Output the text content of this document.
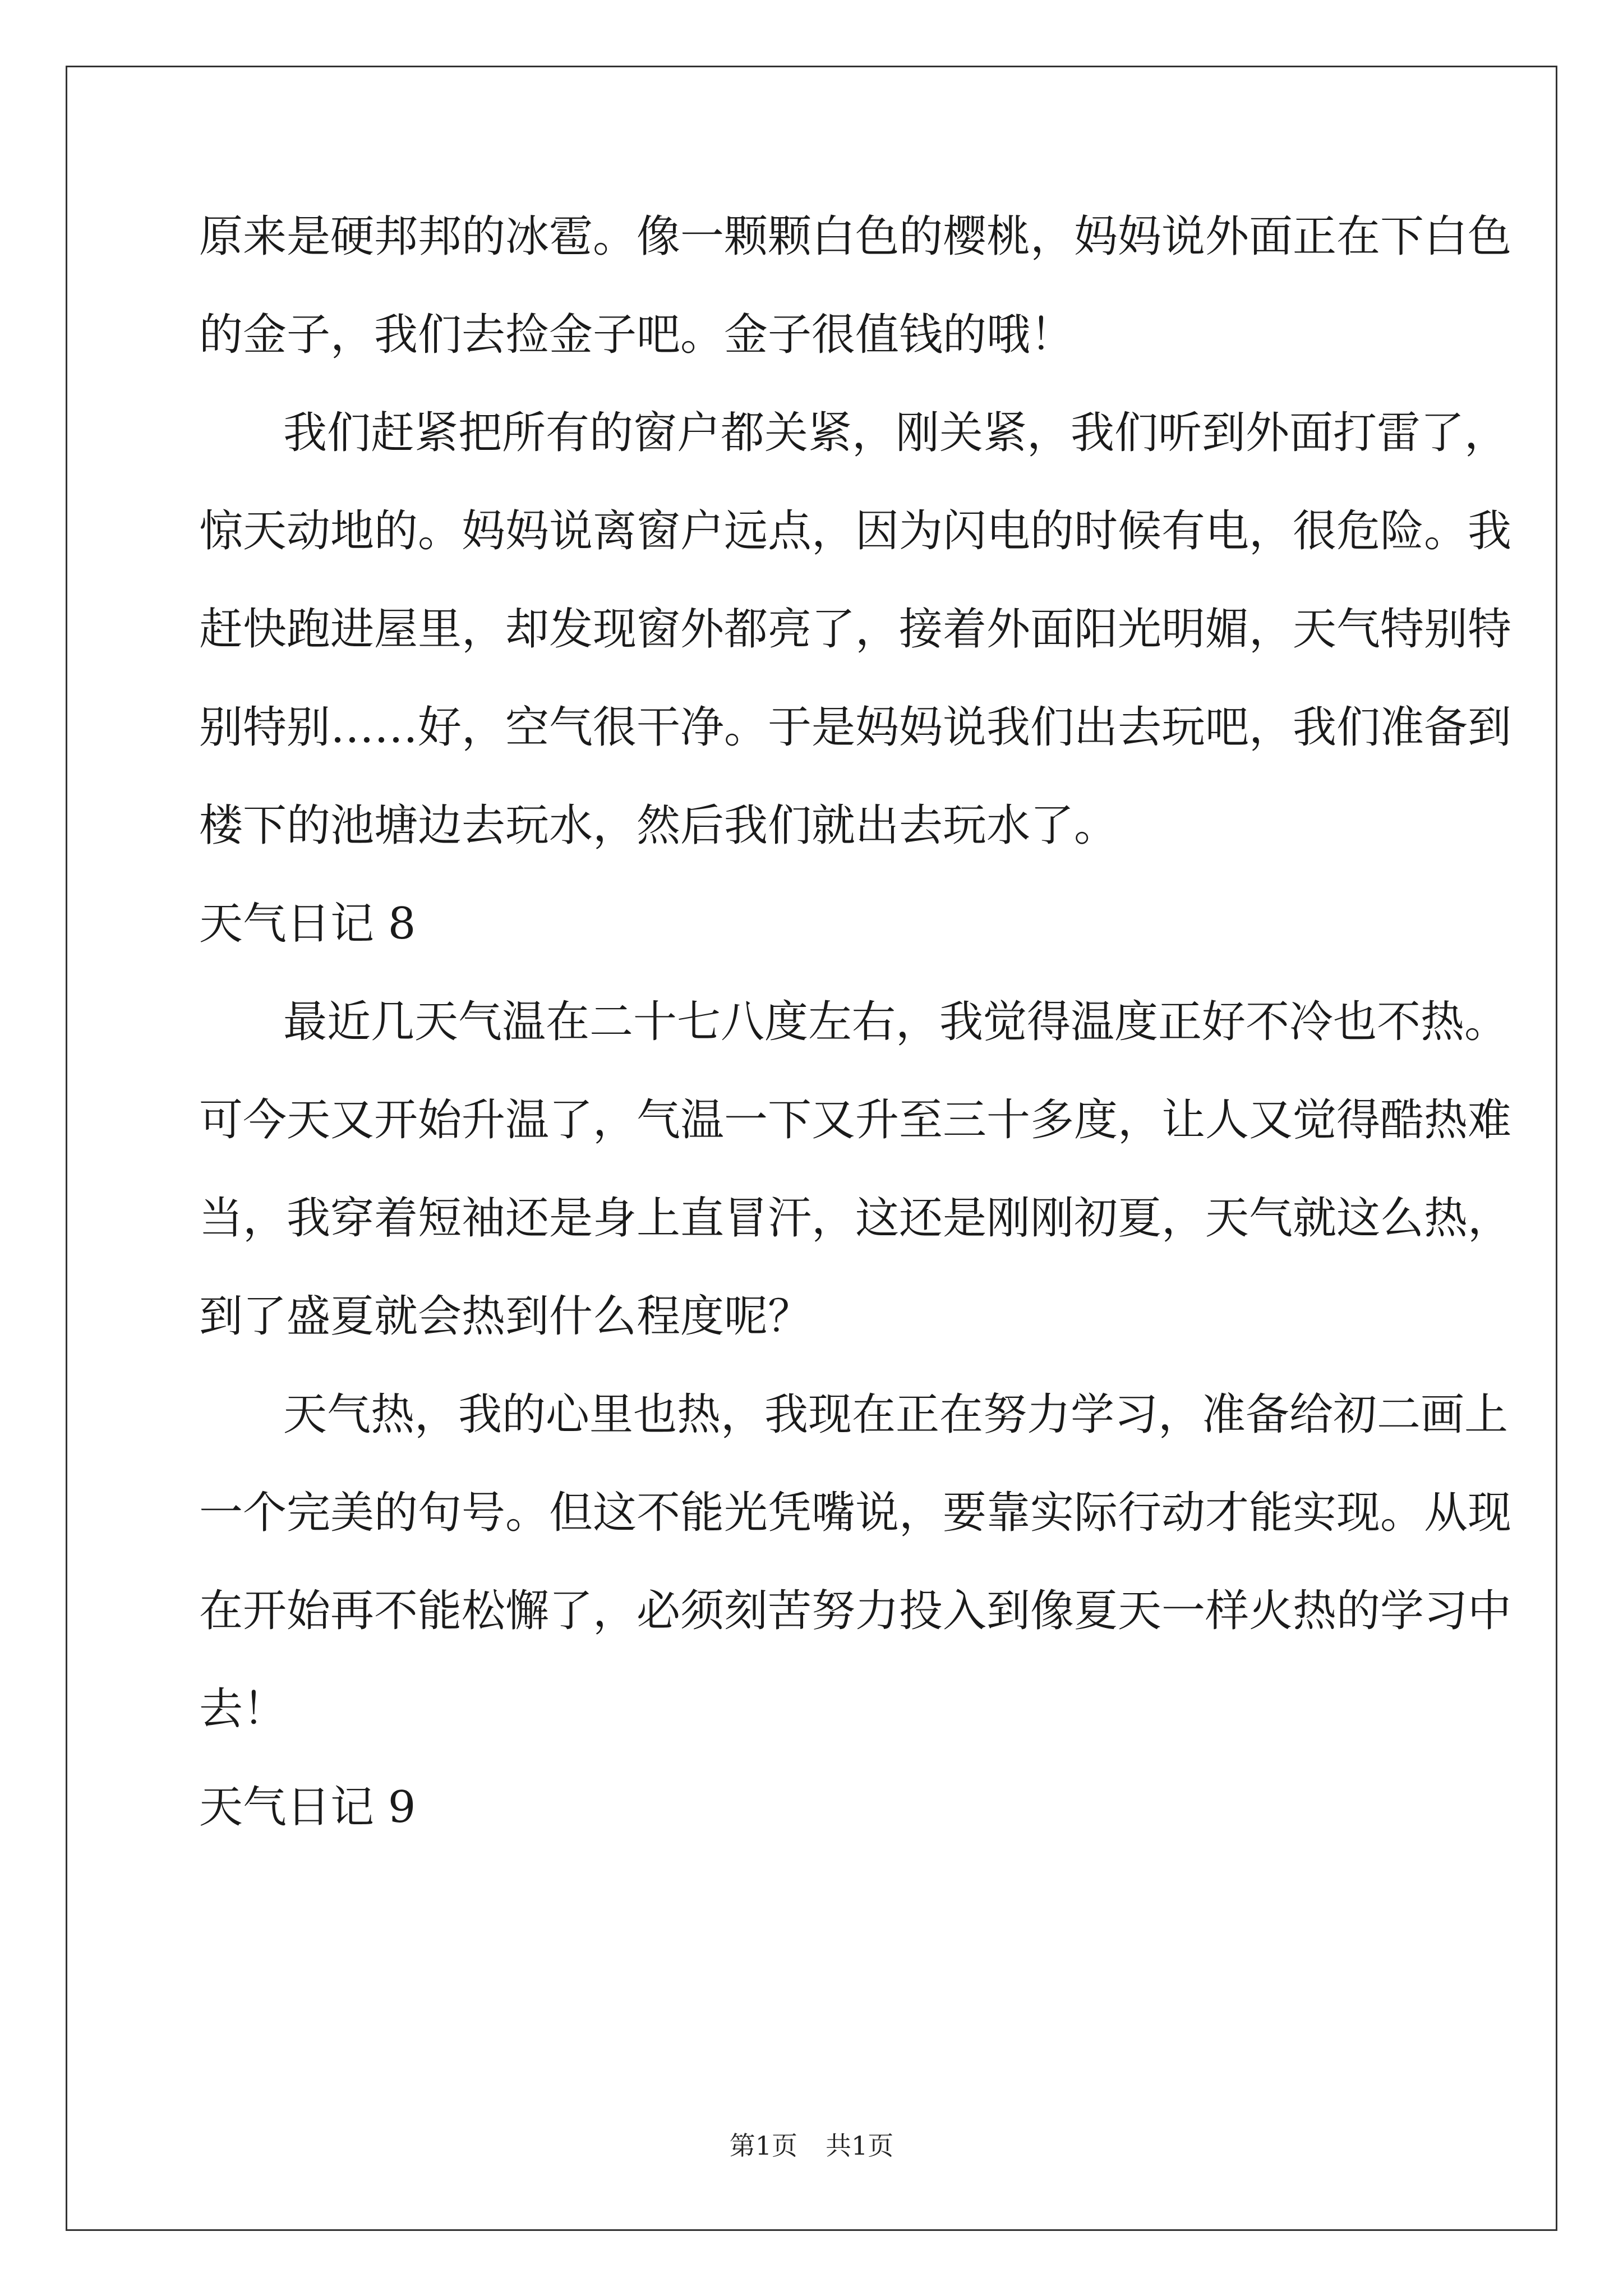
原来是硬邦邦的冰雹。像一颗颗白色的樱桃，妈妈说外面正在下白色
的金子，我们去捡金子吧。金子很值钱的哦！
我们赶紧把所有的窗户都关紧，刚关紧，我们听到外面打雷了，
惊天动地的。妈妈说离窗户远点，因为闪电的时候有电，很危险。我
赶快跑进屋里，却发现窗外都亮了，接着外面阳光明媚，天气特别特
别特别……好，空气很干净。于是妈妈说我们出去玩吧，我们准备到
楼下的池塘边去玩水，然后我们就出去玩水了。
天气日记 8
最近几天气温在二十七八度左右，我觉得温度正好不冷也不热。
可今天又开始升温了，气温一下又升至三十多度，让人又觉得酷热难
当，我穿着短袖还是身上直冒汗，这还是刚刚初夏，天气就这么热，
到了盛夏就会热到什么程度呢？
天气热，我的心里也热，我现在正在努力学习，准备给初二画上
一个完美的句号。但这不能光凭嘴说，要靠实际行动才能实现。从现
在开始再不能松懈了，必须刻苦努力投入到像夏天一样火热的学习中
去！
天气日记 9
第1页 共1页
